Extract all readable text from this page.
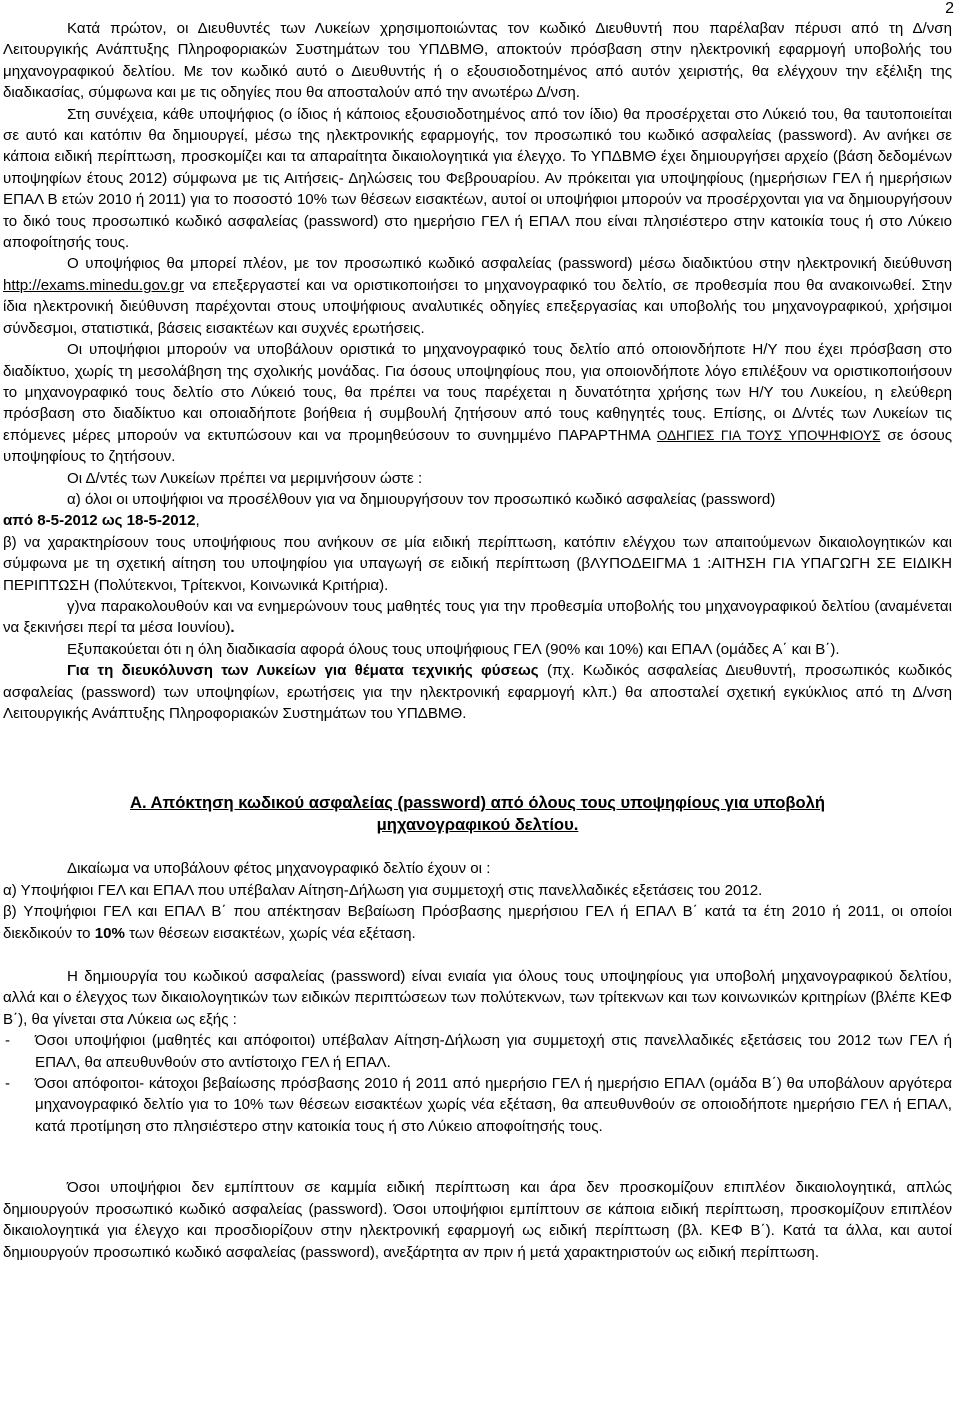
2

Κατά πρώτον, οι Διευθυντές των Λυκείων χρησιμοποιώντας τον κωδικό Διευθυντή που παρέλαβαν πέρυσι από τη Δ/νση Λειτουργικής Ανάπτυξης Πληροφοριακών Συστημάτων του ΥΠΔΒΜΘ, αποκτούν πρόσβαση στην ηλεκτρονική εφαρμογή υποβολής του μηχανογραφικού δελτίου. Με τον κωδικό αυτό ο Διευθυντής ή ο εξουσιοδοτημένος από αυτόν χειριστής, θα ελέγχουν την εξέλιξη της διαδικασίας, σύμφωνα και με τις οδηγίες που θα αποσταλούν από την ανωτέρω Δ/νση.

Στη συνέχεια, κάθε υποψήφιος (ο ίδιος ή κάποιος εξουσιοδοτημένος από τον ίδιο) θα προσέρχεται στο Λύκειό του, θα ταυτοποιείται σε αυτό και κατόπιν θα δημιουργεί, μέσω της ηλεκτρονικής εφαρμογής, τον προσωπικό του κωδικό ασφαλείας (password). Αν ανήκει σε κάποια ειδική περίπτωση, προσκομίζει και τα απαραίτητα δικαιολογητικά για έλεγχο. Το ΥΠΔΒΜΘ έχει δημιουργήσει αρχείο (βάση δεδομένων υποψηφίων έτους 2012) σύμφωνα με τις Αιτήσεις- Δηλώσεις του Φεβρουαρίου. Αν πρόκειται για υποψηφίους (ημερήσιων ΓΕΛ ή ημερήσιων ΕΠΑΛ Β ετών 2010 ή 2011) για το ποσοστό 10% των θέσεων εισακτέων, αυτοί οι υποψήφιοι μπορούν να προσέρχονται για να δημιουργήσουν το δικό τους προσωπικό κωδικό ασφαλείας (password) στο ημερήσιο ΓΕΛ ή ΕΠΑΛ που είναι πλησιέστερο στην κατοικία τους ή στο Λύκειο αποφοίτησής τους.

Ο υποψήφιος θα μπορεί πλέον, με τον προσωπικό κωδικό ασφαλείας (password) μέσω διαδικτύου στην ηλεκτρονική διεύθυνση http://exams.minedu.gov.gr να επεξεργαστεί και να οριστικοποιήσει το μηχανογραφικό του δελτίο, σε προθεσμία που θα ανακοινωθεί. Στην ίδια ηλεκτρονική διεύθυνση παρέχονται στους υποψήφιους αναλυτικές οδηγίες επεξεργασίας και υποβολής του μηχανογραφικού, χρήσιμοι σύνδεσμοι, στατιστικά, βάσεις εισακτέων και συχνές ερωτήσεις.

Οι υποψήφιοι μπορούν να υποβάλουν οριστικά το μηχανογραφικό τους δελτίο από οποιονδήποτε Η/Υ που έχει πρόσβαση στο διαδίκτυο, χωρίς τη μεσολάβηση της σχολικής μονάδας. Για όσους υποψηφίους που, για οποιονδήποτε λόγο επιλέξουν να οριστικοποιήσουν το μηχανογραφικό τους δελτίο στο Λύκειό τους, θα πρέπει να τους παρέχεται η δυνατότητα χρήσης των Η/Υ του Λυκείου, η ελεύθερη πρόσβαση στο διαδίκτυο και οποιαδήποτε βοήθεια ή συμβουλή ζητήσουν από τους καθηγητές τους. Επίσης, οι Δ/ντές των Λυκείων τις επόμενες μέρες μπορούν να εκτυπώσουν και να προμηθεύσουν το συνημμένο ΠΑΡΑΡΤΗΜΑ ΟΔΗΓΙΕΣ ΓΙΑ ΤΟΥΣ ΥΠΟΨΗΦΙΟΥΣ σε όσους υποψηφίους το ζητήσουν.

Οι Δ/ντές των Λυκείων πρέπει να μεριμνήσουν ώστε :

α) όλοι οι υποψήφιοι να προσέλθουν για να δημιουργήσουν τον προσωπικό κωδικό ασφαλείας (password)

από 8-5-2012 ως 18-5-2012,

β) να χαρακτηρίσουν τους υποψήφιους που ανήκουν σε μία ειδική περίπτωση, κατόπιν ελέγχου των απαιτούμενων δικαιολογητικών και σύμφωνα με τη σχετική αίτηση του υποψηφίου για υπαγωγή σε ειδική περίπτωση (βΛΥΠΟΔΕΙΓΜΑ 1 :ΑΙΤΗΣΗ ΓΙΑ ΥΠΑΓΩΓΗ ΣΕ ΕΙΔΙΚΗ ΠΕΡΙΠΤΩΣΗ (Πολύτεκνοι, Τρίτεκνοι, Κοινωνικά Κριτήρια).

γ)να παρακολουθούν και να ενημερώνουν τους μαθητές τους για την προθεσμία υποβολής του μηχανογραφικού δελτίου (αναμένεται να ξεκινήσει περί τα μέσα Ιουνίου).

Εξυπακούεται ότι η όλη διαδικασία αφορά όλους τους υποψήφιους ΓΕΛ (90% και 10%) και ΕΠΑΛ (ομάδες Α΄ και Β΄).

Για τη διευκόλυνση των Λυκείων για θέματα τεχνικής φύσεως (πχ. Κωδικός ασφαλείας Διευθυντή, προσωπικός κωδικός ασφαλείας (password) των υποψηφίων, ερωτήσεις για την ηλεκτρονική εφαρμογή κλπ.) θα αποσταλεί σχετική εγκύκλιος από τη Δ/νση Λειτουργικής Ανάπτυξης Πληροφοριακών Συστημάτων του ΥΠΔΒΜΘ.

Α. Απόκτηση κωδικού ασφαλείας (password) από όλους τους υποψηφίους για υποβολή
μηχανογραφικού δελτίου.

Δικαίωμα να υποβάλουν φέτος μηχανογραφικό δελτίο έχουν οι :

α) Υποψήφιοι ΓΕΛ και ΕΠΑΛ που υπέβαλαν Αίτηση-Δήλωση για συμμετοχή στις πανελλαδικές εξετάσεις του 2012.

β) Υποψήφιοι ΓΕΛ και ΕΠΑΛ Β΄ που απέκτησαν Βεβαίωση Πρόσβασης ημερήσιου ΓΕΛ ή ΕΠΑΛ Β΄ κατά τα έτη 2010 ή 2011, οι οποίοι διεκδικούν το 10% των θέσεων εισακτέων, χωρίς νέα εξέταση.

Η δημιουργία του κωδικού ασφαλείας (password) είναι ενιαία για όλους τους υποψηφίους για υποβολή μηχανογραφικού δελτίου, αλλά και ο έλεγχος των δικαιολογητικών των ειδικών περιπτώσεων των πολύτεκνων, των τρίτεκνων και των κοινωνικών κριτηρίων (βλέπε ΚΕΦ Β΄), θα γίνεται στα Λύκεια ως εξής :

-	Όσοι υποψήφιοι (μαθητές και απόφοιτοι) υπέβαλαν Αίτηση-Δήλωση για συμμετοχή στις πανελλαδικές εξετάσεις του 2012 των ΓΕΛ ή ΕΠΑΛ, θα απευθυνθούν στο αντίστοιχο ΓΕΛ ή ΕΠΑΛ.
-	Όσοι απόφοιτοι- κάτοχοι βεβαίωσης πρόσβασης 2010 ή 2011 από ημερήσιο ΓΕΛ ή ημερήσιο ΕΠΑΛ (ομάδα Β΄) θα υποβάλουν αργότερα μηχανογραφικό δελτίο για το 10% των θέσεων εισακτέων χωρίς νέα εξέταση, θα απευθυνθούν σε οποιοδήποτε ημερήσιο ΓΕΛ ή ΕΠΑΛ, κατά προτίμηση στο πλησιέστερο στην κατοικία τους ή στο Λύκειο αποφοίτησής τους.

Όσοι υποψήφιοι δεν εμπίπτουν σε καμμία ειδική περίπτωση και άρα δεν προσκομίζουν επιπλέον δικαιολογητικά, απλώς δημιουργούν προσωπικό κωδικό ασφαλείας (password). Όσοι υποψήφιοι εμπίπτουν σε κάποια ειδική περίπτωση, προσκομίζουν επιπλέον δικαιολογητικά για έλεγχο και προσδιορίζουν στην ηλεκτρονική εφαρμογή ως ειδική περίπτωση (βλ. ΚΕΦ Β΄). Κατά τα άλλα, και αυτοί δημιουργούν προσωπικό κωδικό ασφαλείας (password), ανεξάρτητα αν πριν ή μετά χαρακτηριστούν ως ειδική περίπτωση.
